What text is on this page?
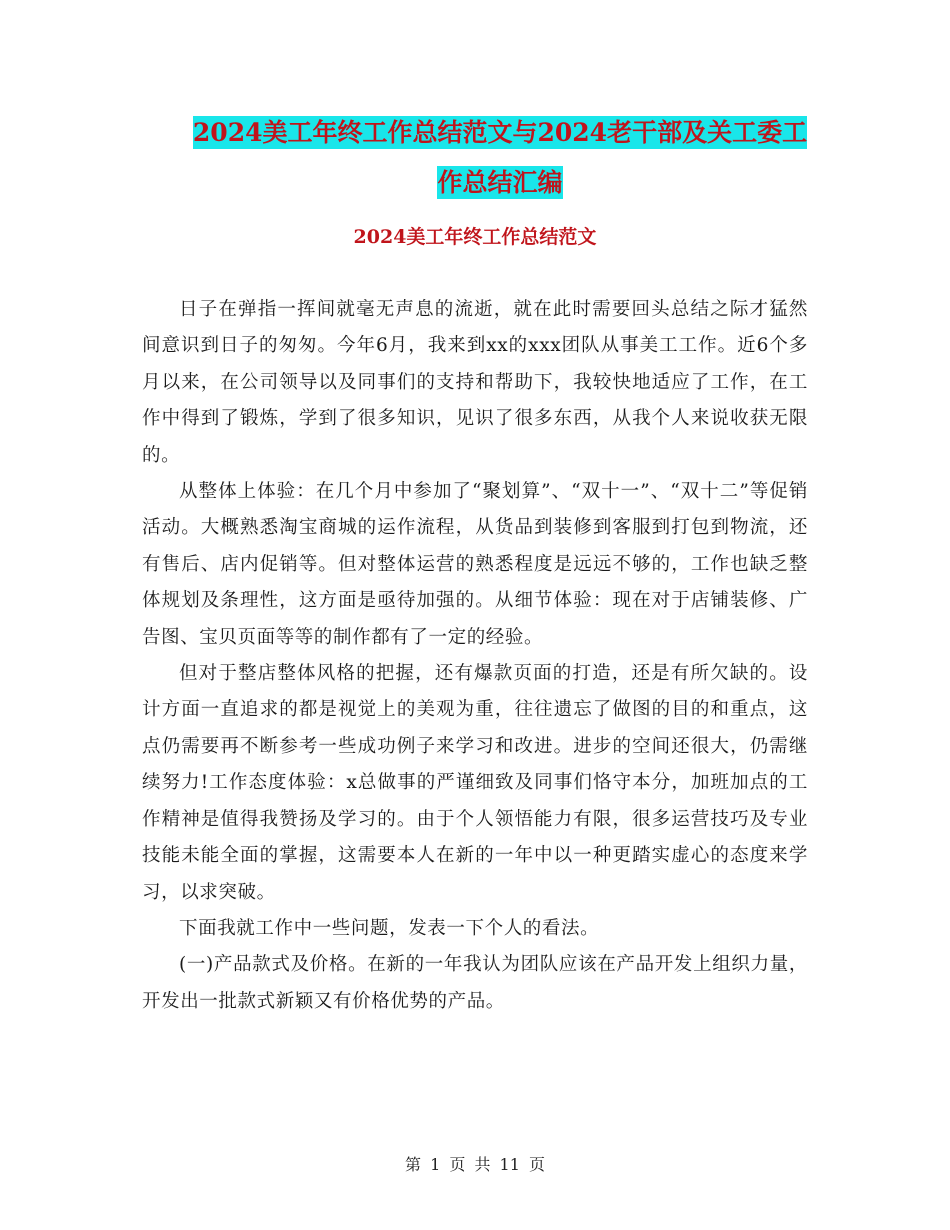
2024美工年终工作总结范文与2024老干部及关工委工
作总结汇编
2024美工年终工作总结范文

日子在弹指一挥间就毫无声息的流逝，就在此时需要回头总结之际才猛然间意识到日子的匆匆。今年6月，我来到xx的xxx团队从事美工工作。近6个多月以来，在公司领导以及同事们的支持和帮助下，我较快地适应了工作，在工作中得到了锻炼，学到了很多知识，见识了很多东西，从我个人来说收获无限的。

从整体上体验：在几个月中参加了“聚划算”、“双十一”、“双十二”等促销活动。大概熟悉淘宝商城的运作流程，从货品到装修到客服到打包到物流，还有售后、店内促销等。但对整体运营的熟悉程度是远远不够的，工作也缺乏整体规划及条理性，这方面是亟待加强的。从细节体验：现在对于店铺装修、广告图、宝贝页面等等的制作都有了一定的经验。

但对于整店整体风格的把握，还有爆款页面的打造，还是有所欠缺的。设计方面一直追求的都是视觉上的美观为重，往往遗忘了做图的目的和重点，这点仍需要再不断参考一些成功例子来学习和改进。进步的空间还很大，仍需继续努力!工作态度体验：x总做事的严谨细致及同事们恪守本分，加班加点的工作精神是值得我赞扬及学习的。由于个人领悟能力有限，很多运营技巧及专业技能未能全面的掌握，这需要本人在新的一年中以一种更踏实虚心的态度来学习，以求突破。

下面我就工作中一些问题，发表一下个人的看法。

(一)产品款式及价格。在新的一年我认为团队应该在产品开发上组织力量，开发出一批款式新颖又有价格优势的产品。

第 1 页 共 11 页
